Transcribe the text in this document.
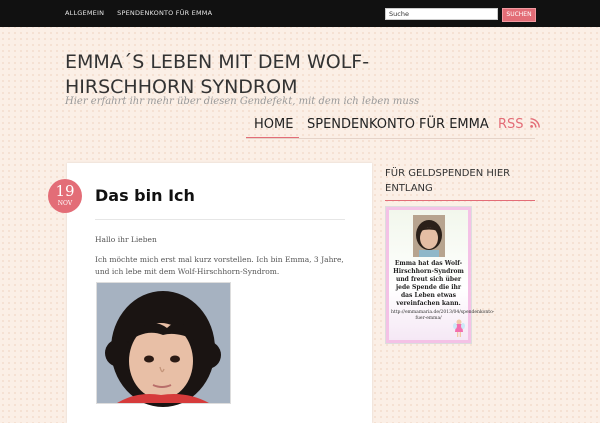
ALLGEMEIN SPENDENKONTO FÜR EMMA
Suche	SUCHEN
EMMA´S LEBEN MIT DEM WOLF-HIRSCHHORN SYNDROM
Hier erfahrt ihr mehr über diesen Gendefekt, mit dem ich leben muss
HOME SPENDENKONTO FÜR EMMA RSS
19
NOV	Das bin Ich
Hallo ihr Lieben
Ich möchte mich erst mal kurz vorstellen. Ich bin Emma, 3 Jahre, und ich lebe mit dem Wolf-Hirschhorn-Syndrom.
FÜR GELDSPENDEN HIER ENTLANG
Emma hat das Wolf-Hirschhorn-Syndrom und freut sich über jede Spende die ihr das Leben etwas vereinfachen kann.
http://emmamaria.de/2013/04/spendenkonto-fuer-emma/
